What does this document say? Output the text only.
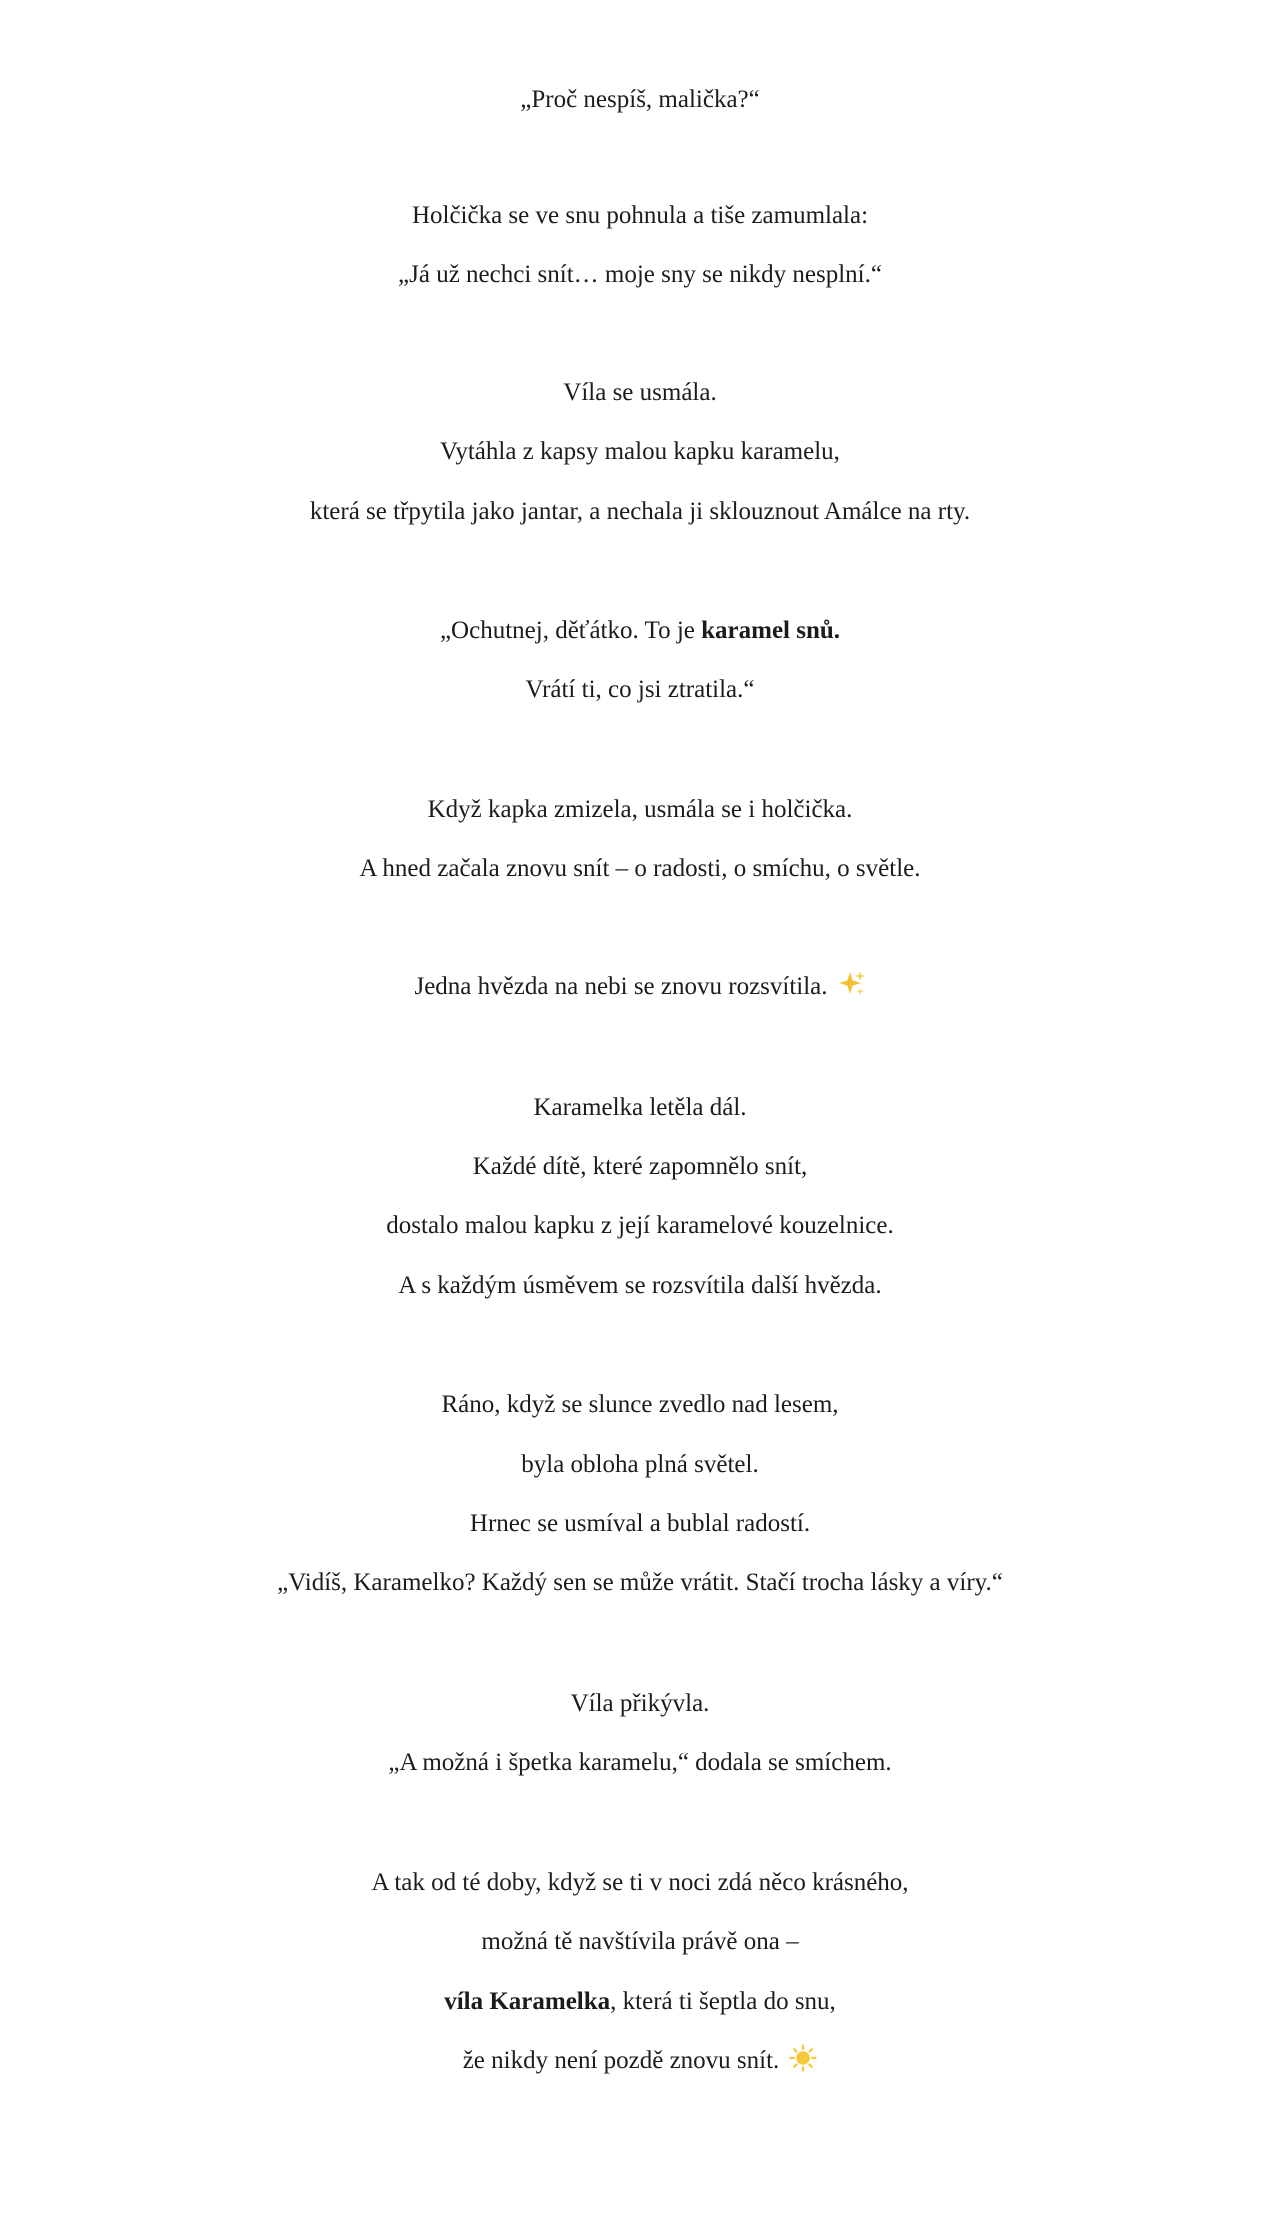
„Proč nespíš, malička?“

Holčička se ve snu pohnula a tiše zamumlala:

„Já už nechci snít… moje sny se nikdy nesplní.“

Víla se usmála.

Vytáhla z kapsy malou kapku karamelu,

která se třpytila jako jantar, a nechala ji sklouznout Amálce na rty.

„Ochutnej, děťátko. To je karamel snů.

Vrátí ti, co jsi ztratila.“

Když kapka zmizela, usmála se i holčička.

A hned začala znovu snít – o radosti, o smíchu, o světle.

Jedna hvězda na nebi se znovu rozsvítila.

Karamelka letěla dál.

Každé dítě, které zapomnělo snít,

dostalo malou kapku z její karamelové kouzelnice.

A s každým úsměvem se rozsvítila další hvězda.

Ráno, když se slunce zvedlo nad lesem,

byla obloha plná světel.

Hrnec se usmíval a bublal radostí.

„Vidíš, Karamelko? Každý sen se může vrátit. Stačí trocha lásky a víry.“

Víla přikývla.

„A možná i špetka karamelu,“ dodala se smíchem.

A tak od té doby, když se ti v noci zdá něco krásného,

možná tě navštívila právě ona –

víla Karamelka, která ti šeptla do snu,

že nikdy není pozdě znovu snít.
